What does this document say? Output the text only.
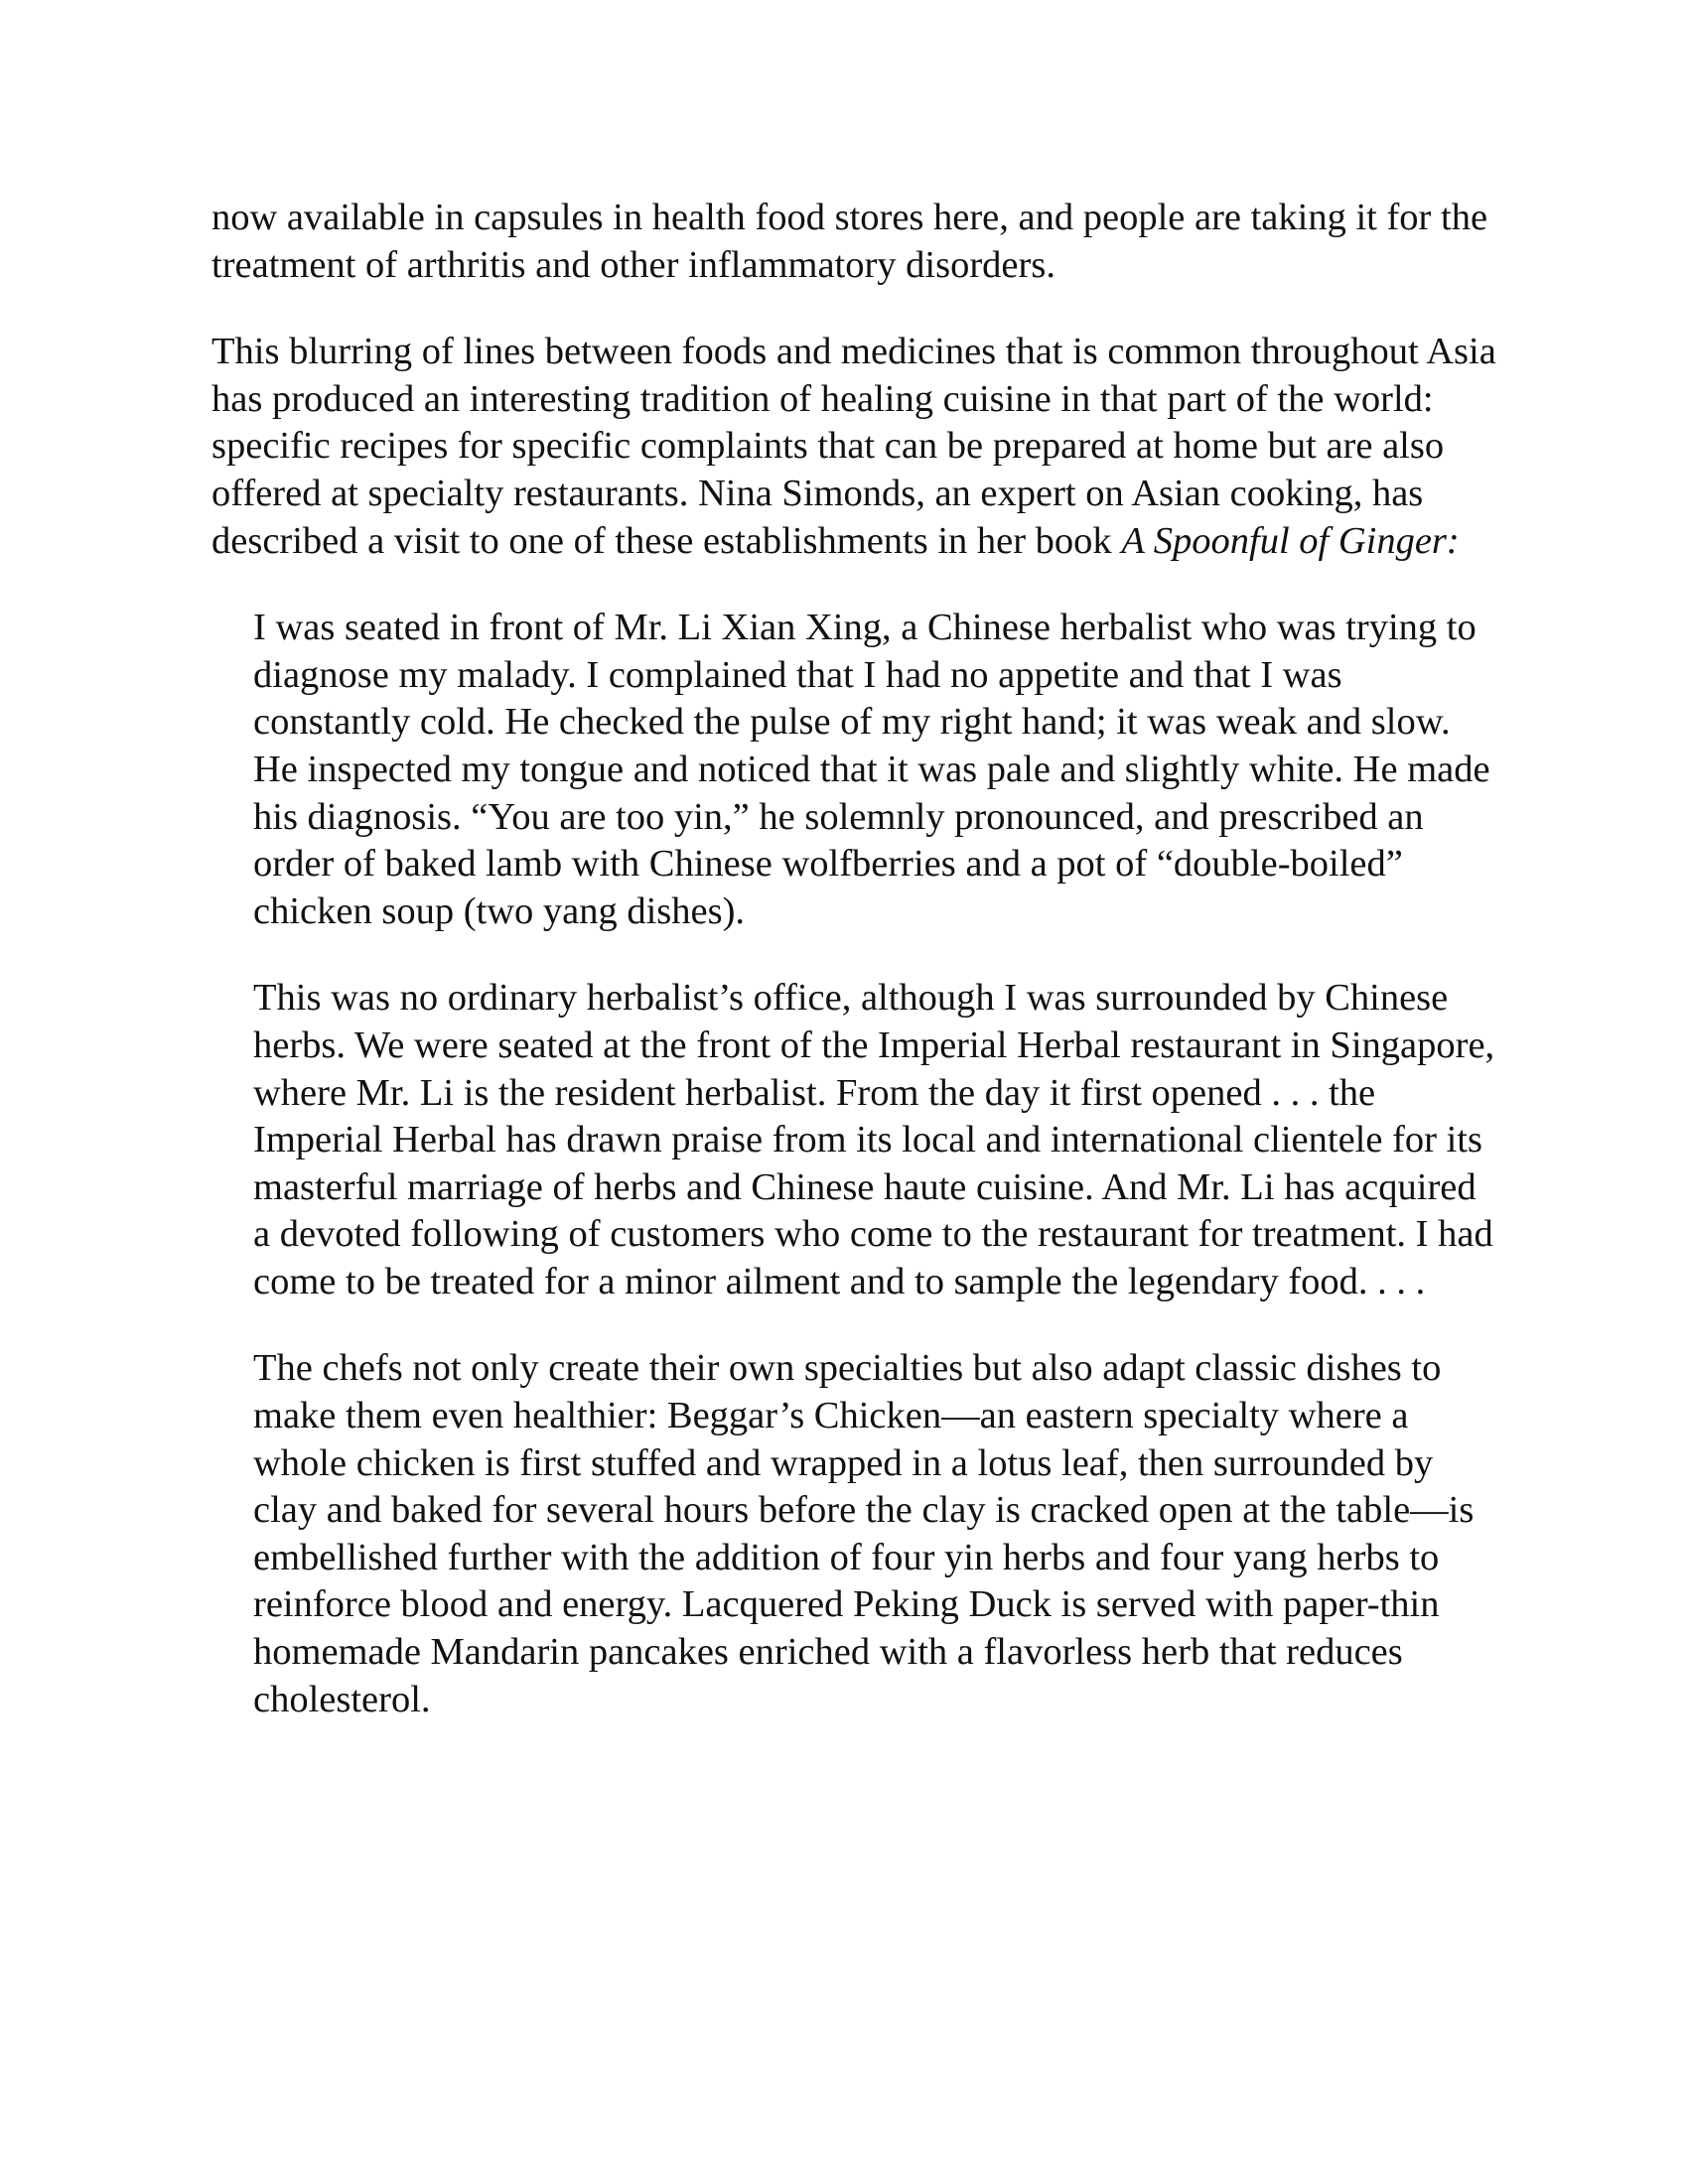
now available in capsules in health food stores here, and people are taking it for the treatment of arthritis and other inflammatory disorders.

This blurring of lines between foods and medicines that is common throughout Asia has produced an interesting tradition of healing cuisine in that part of the world: specific recipes for specific complaints that can be prepared at home but are also offered at specialty restaurants. Nina Simonds, an expert on Asian cooking, has described a visit to one of these establishments in her book A Spoonful of Ginger:

I was seated in front of Mr. Li Xian Xing, a Chinese herbalist who was trying to diagnose my malady. I complained that I had no appetite and that I was constantly cold. He checked the pulse of my right hand; it was weak and slow. He inspected my tongue and noticed that it was pale and slightly white. He made his diagnosis. “You are too yin,” he solemnly pronounced, and prescribed an order of baked lamb with Chinese wolfberries and a pot of “double-boiled” chicken soup (two yang dishes).

This was no ordinary herbalist’s office, although I was surrounded by Chinese herbs. We were seated at the front of the Imperial Herbal restaurant in Singapore, where Mr. Li is the resident herbalist. From the day it first opened . . . the Imperial Herbal has drawn praise from its local and international clientele for its masterful marriage of herbs and Chinese haute cuisine. And Mr. Li has acquired a devoted following of customers who come to the restaurant for treatment. I had come to be treated for a minor ailment and to sample the legendary food. . . .

The chefs not only create their own specialties but also adapt classic dishes to make them even healthier: Beggar’s Chicken—an eastern specialty where a whole chicken is first stuffed and wrapped in a lotus leaf, then surrounded by clay and baked for several hours before the clay is cracked open at the table—is embellished further with the addition of four yin herbs and four yang herbs to reinforce blood and energy. Lacquered Peking Duck is served with paper-thin homemade Mandarin pancakes enriched with a flavorless herb that reduces cholesterol.
